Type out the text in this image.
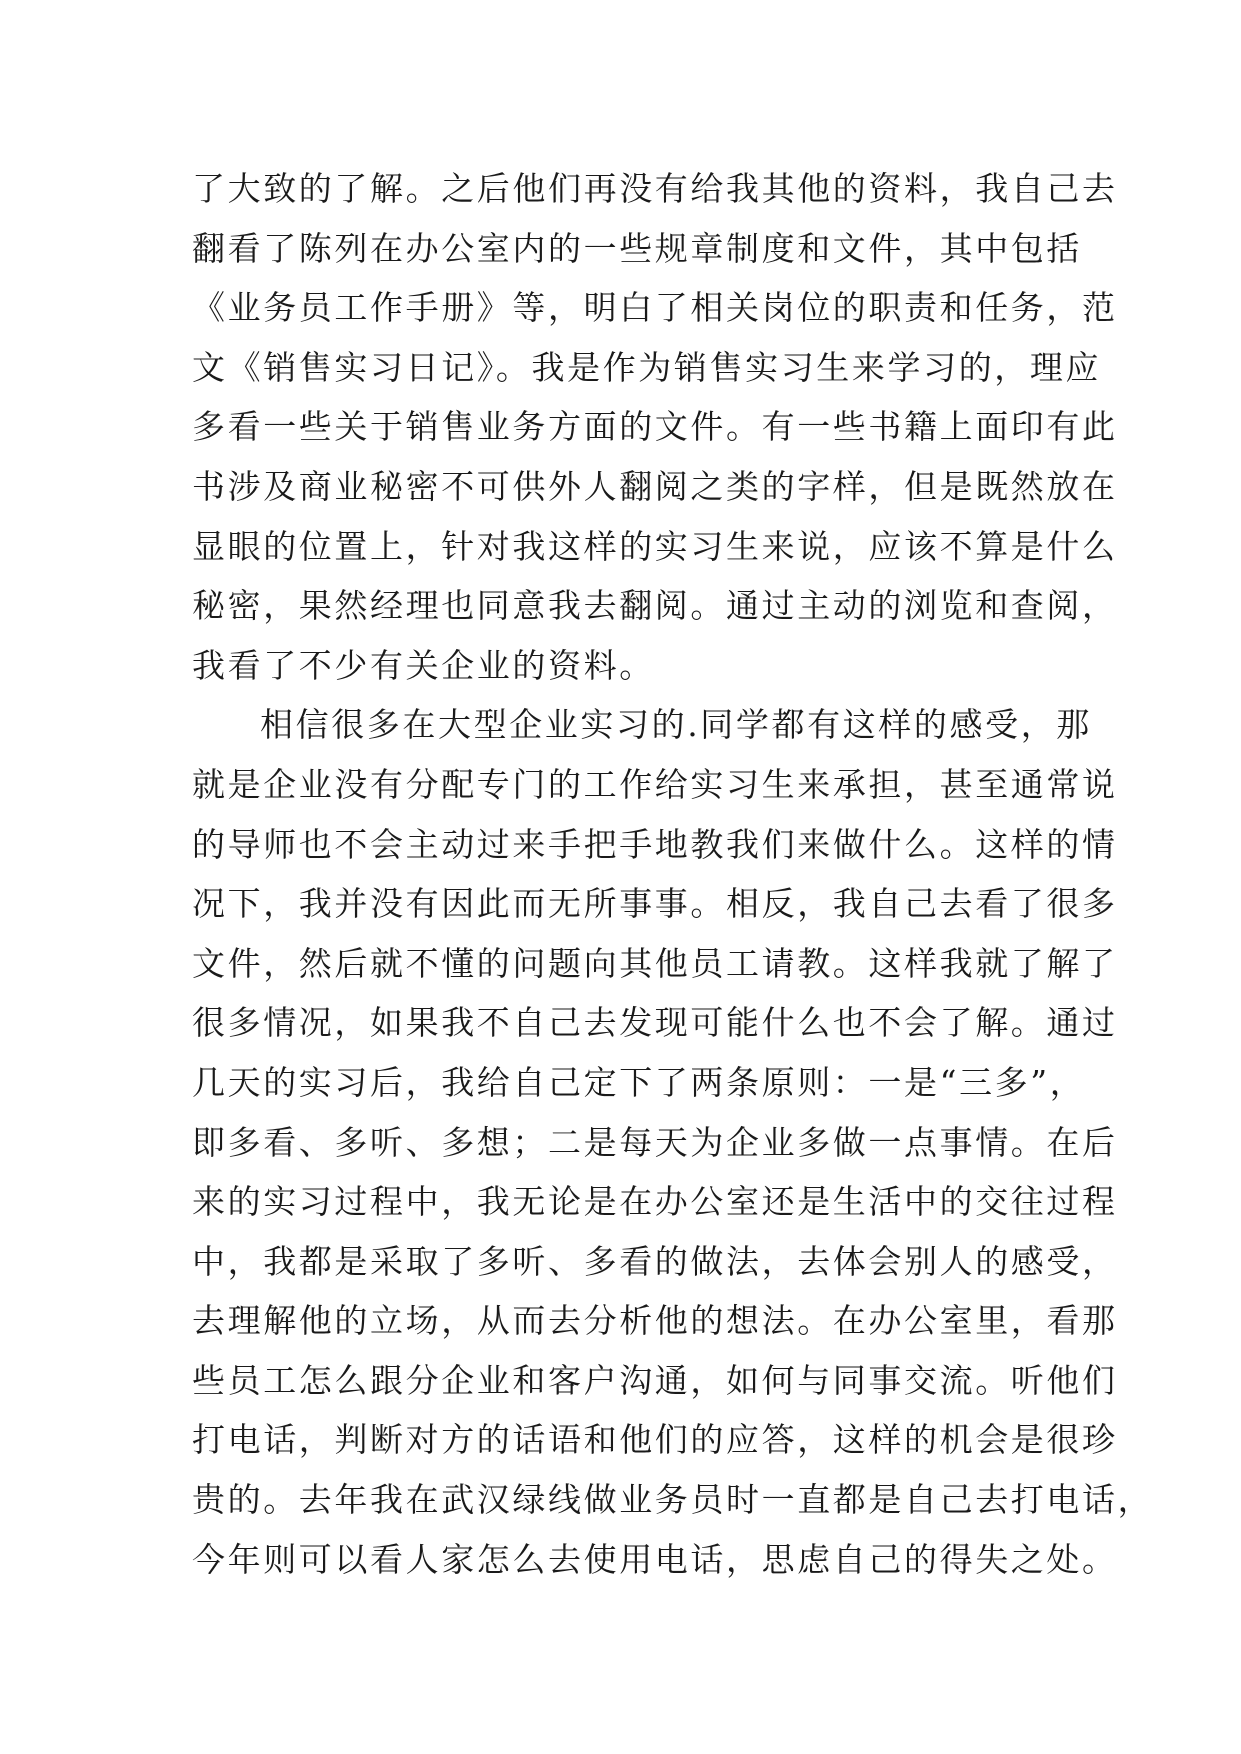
了大致的了解。之后他们再没有给我其他的资料，我自己去
翻看了陈列在办公室内的一些规章制度和文件，其中包括
《业务员工作手册》等，明白了相关岗位的职责和任务，范
文《销售实习日记》。我是作为销售实习生来学习的，理应
多看一些关于销售业务方面的文件。有一些书籍上面印有此
书涉及商业秘密不可供外人翻阅之类的字样，但是既然放在
显眼的位置上，针对我这样的实习生来说，应该不算是什么
秘密，果然经理也同意我去翻阅。通过主动的浏览和查阅，
我看了不少有关企业的资料。
相信很多在大型企业实习的.同学都有这样的感受，那
就是企业没有分配专门的工作给实习生来承担，甚至通常说
的导师也不会主动过来手把手地教我们来做什么。这样的情
况下，我并没有因此而无所事事。相反，我自己去看了很多
文件，然后就不懂的问题向其他员工请教。这样我就了解了
很多情况，如果我不自己去发现可能什么也不会了解。通过
几天的实习后，我给自己定下了两条原则：一是“三多”，
即多看、多听、多想；二是每天为企业多做一点事情。在后
来的实习过程中，我无论是在办公室还是生活中的交往过程
中，我都是采取了多听、多看的做法，去体会别人的感受，
去理解他的立场，从而去分析他的想法。在办公室里，看那
些员工怎么跟分企业和客户沟通，如何与同事交流。听他们
打电话，判断对方的话语和他们的应答，这样的机会是很珍
贵的。去年我在武汉绿线做业务员时一直都是自己去打电话，
今年则可以看人家怎么去使用电话，思虑自己的得失之处。
